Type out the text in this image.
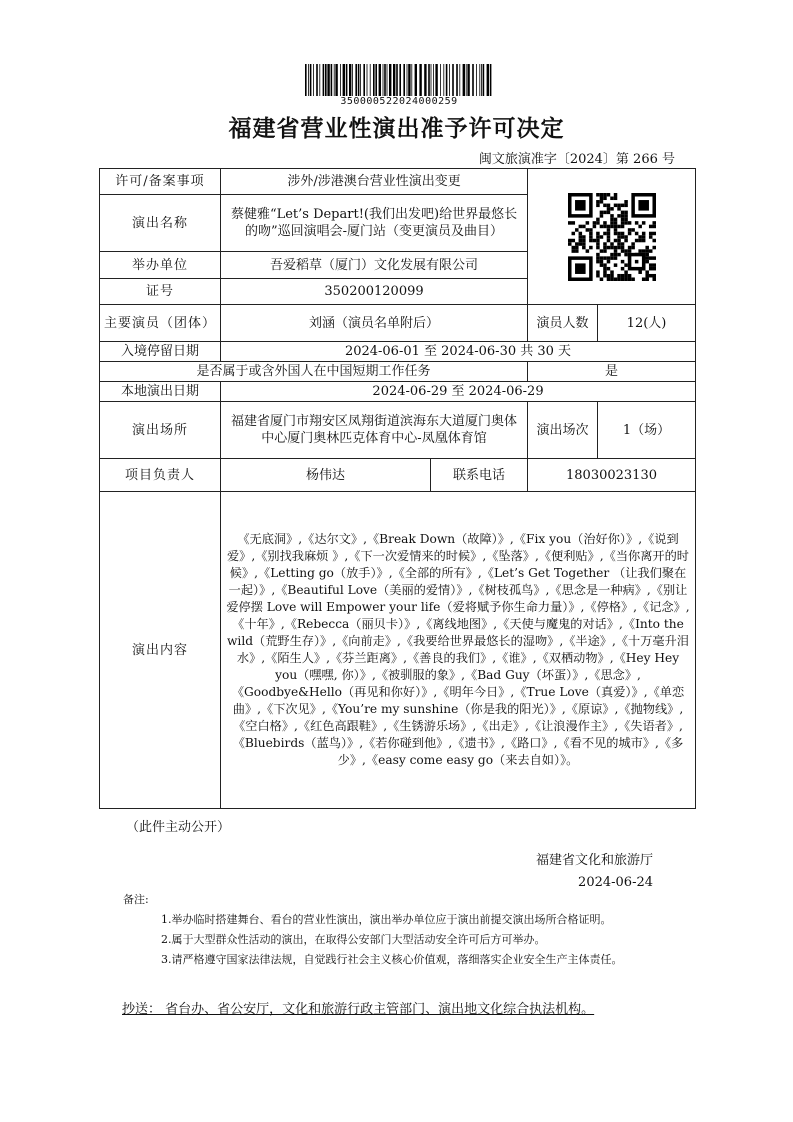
350000522024000259
福建省营业性演出准予许可决定
闽文旅演准字〔2024〕第 266 号
许可/备案事项	涉外/涉港澳台营业性演出变更	

演出名称	蔡健雅“Let’s Depart!(我们出发吧)给世界最悠长的吻”巡回演唱会-厦门站（变更演员及曲目）			
举办单位	吾爱稻草（厦门）文化发展有限公司			
证号	350200120099			
主要演员（团体）	刘涵（演员名单附后）		演员人数	12(人)
入境停留日期	2024-06-01 至 2024-06-30 共 30 天			
是否属于或含外国人在中国短期工作任务			是	
本地演出日期	2024-06-29 至 2024-06-29			
演出场所	福建省厦门市翔安区凤翔街道滨海东大道厦门奥体中心厦门奥林匹克体育中心-凤凰体育馆		演出场次	1（场）
项目负责人	杨伟达	联系电话	18030023130	
演出内容	《无底洞》,《达尔文》,《Break Down（故障）》,《Fix you（治好你）》,《说到爱》,《别找我麻烦 》,《下一次爱情来的时候》,《坠落》,《便利贴》,《当你离开的时候》,《Letting go（放手）》,《全部的所有》,《Let’s Get Together （让我们聚在一起）》,《Beautiful Love（美丽的爱情）》,《树枝孤鸟》,《思念是一种病》,《别让爱停摆 Love will Empower your life（爱将赋予你生命力量）》,《停格》,《记念》,《十年》,《Rebecca（丽贝卡）》,《离线地图》,《天使与魔鬼的对话》,《Into the wild（荒野生存）》,《向前走》,《我要给世界最悠长的湿吻》,《半途》,《十万毫升泪水》,《陌生人》,《芬兰距离》,《善良的我们》,《谁》,《双栖动物》,《Hey Hey you（嘿嘿, 你）》,《被驯服的象》,《Bad Guy（坏蛋）》,《思念》,《Goodbye&Hello（再见和你好）》,《明年今日》,《True Love（真爱）》,《单恋曲》,《下次见》,《You’re my sunshine（你是我的阳光）》,《原谅》,《抛物线》,《空白格》,《红色高跟鞋》,《生锈游乐场》,《出走》,《让浪漫作主》,《失语者》,《Bluebirds（蓝鸟）》,《若你碰到他》,《遗书》,《路口》,《看不见的城市》,《多少》,《easy come easy go（来去自如）》。			
（此件主动公开）
福建省文化和旅游厅
2024-06-24
备注:
1.举办临时搭建舞台、看台的营业性演出，演出举办单位应于演出前提交演出场所合格证明。
2.属于大型群众性活动的演出，在取得公安部门大型活动安全许可后方可举办。
3.请严格遵守国家法律法规，自觉践行社会主义核心价值观，落细落实企业安全生产主体责任。
抄送： 省台办、省公安厅，文化和旅游行政主管部门、演出地文化综合执法机构。
